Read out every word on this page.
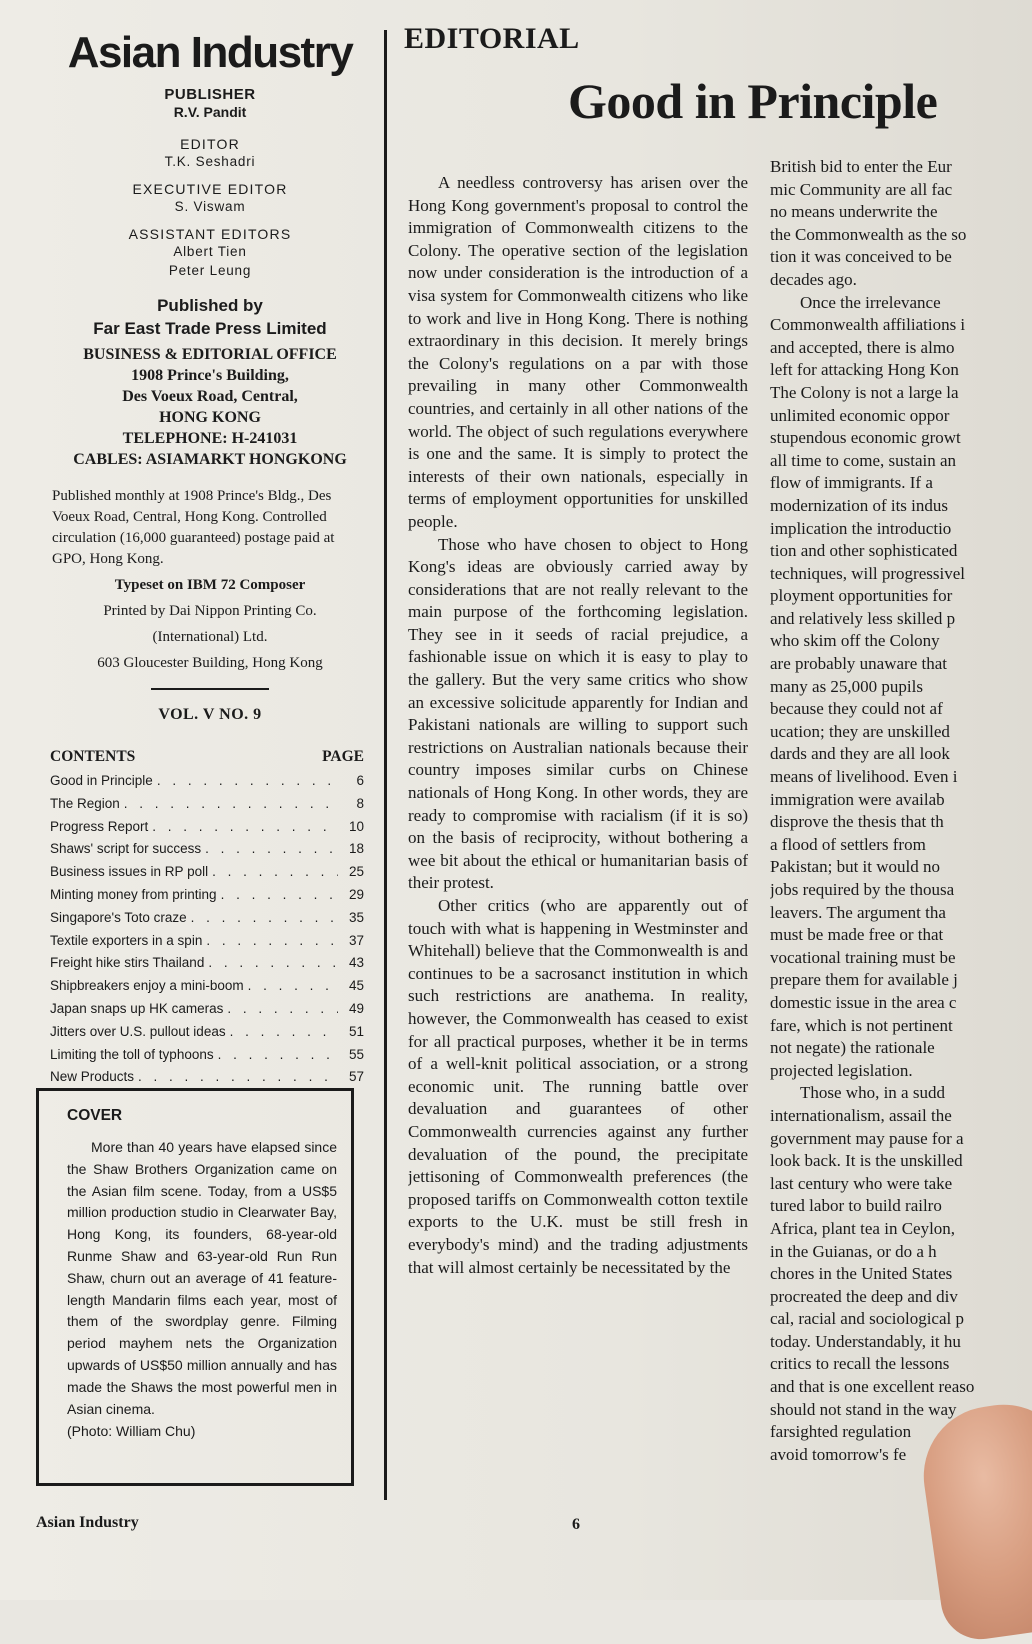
Asian Industry
PUBLISHER
R.V. Pandit
EDITOR
T.K. Seshadri
EXECUTIVE EDITOR
S. Viswam
ASSISTANT EDITORS
Albert Tien
Peter Leung
Published by
Far East Trade Press Limited
BUSINESS & EDITORIAL OFFICE
1908 Prince's Building,
Des Voeux Road, Central,
HONG KONG
TELEPHONE: H-241031
CABLES: ASIAMARKT HONGKONG
Published monthly at 1908 Prince's Bldg., Des Voeux Road, Central, Hong Kong. Controlled circulation (16,000 guaranteed) postage paid at GPO, Hong Kong.
Typeset on IBM 72 Composer
Printed by Dai Nippon Printing Co.
(International) Ltd.
603 Gloucester Building, Hong Kong
VOL. V NO. 9
CONTENTS	PAGE
Good in Principle . . .	6
The Region . . .	8
Progress Report . . .	10
Shaws' script for success . . .	18
Business issues in RP poll . . .	25
Minting money from printing . . .	29
Singapore's Toto craze . . .	35
Textile exporters in a spin . . .	37
Freight hike stirs Thailand . . .	43
Shipbreakers enjoy a mini-boom . . .	45
Japan snaps up HK cameras . . .	49
Jitters over U.S. pullout ideas . . .	51
Limiting the toll of typhoons . . .	55
New Products . . .	57
COVER

More than 40 years have elapsed since the Shaw Brothers Organization came on the Asian film scene. Today, from a US$5 million production studio in Clearwater Bay, Hong Kong, its founders, 68-year-old Runme Shaw and 63-year-old Run Run Shaw, churn out an average of 41 feature-length Mandarin films each year, most of them of the swordplay genre. Filming period mayhem nets the Organization upwards of US$50 million annually and has made the Shaws the most powerful men in Asian cinema.

(Photo: William Chu)
EDITORIAL
Good in Principle

A needless controversy has arisen over the Hong Kong government's proposal to control the immigration of Commonwealth citizens to the Colony. The operative section of the legislation now under consideration is the introduction of a visa system for Commonwealth citizens who like to work and live in Hong Kong. There is nothing extraordinary in this decision. It merely brings the Colony's regulations on a par with those prevailing in many other Commonwealth countries, and certainly in all other nations of the world. The object of such regulations everywhere is one and the same. It is simply to protect the interests of their own nationals, especially in terms of employment opportunities for unskilled people.

Those who have chosen to object to Hong Kong's ideas are obviously carried away by considerations that are not really relevant to the main purpose of the forthcoming legislation. They see in it seeds of racial prejudice, a fashionable issue on which it is easy to play to the gallery. But the very same critics who show an excessive solicitude apparently for Indian and Pakistani nationals are willing to support such restrictions on Australian nationals because their country imposes similar curbs on Chinese nationals of Hong Kong. In other words, they are ready to compromise with racialism (if it is so) on the basis of reciprocity, without bothering a wee bit about the ethical or humanitarian basis of their protest.

Other critics (who are apparently out of touch with what is happening in Westminster and Whitehall) believe that the Commonwealth is and continues to be a sacrosanct institution in which such restrictions are anathema. In reality, however, the Commonwealth has ceased to exist for all practical purposes, whether it be in terms of a well-knit political association, or a strong economic unit. The running battle over devaluation and guarantees of other Commonwealth currencies against any further devaluation of the pound, the precipitate jettisoning of Commonwealth preferences (the proposed tariffs on Commonwealth cotton textile exports to the U.K. must be still fresh in everybody's mind) and the trading adjustments that will almost certainly be necessitated by the

British bid to enter the Eur
mic Community are all fac
no means underwrite the
the Commonwealth as the so
tion it was conceived to be
decades ago.
Once the irrelevance
Commonwealth affiliations i
and accepted, there is almo
left for attacking Hong Kon
The Colony is not a large la
unlimited economic oppor
stupendous economic growt
all time to come, sustain an
flow of immigrants. If a
modernization of its indus
implication the introductio
tion and other sophisticated
techniques, will progressivel
ployment opportunities for
and relatively less skilled p
who skim off the Colony
are probably unaware that
many as 25,000 pupils
because they could not af
ucation; they are unskilled
dards and they are all look
means of livelihood. Even i
immigration were availab
disprove the thesis that th
a flood of settlers from
Pakistan; but it would no
jobs required by the thousa
leavers. The argument tha
must be made free or that
vocational training must be
prepare them for available j
domestic issue in the area c
fare, which is not pertinent
not negate) the rationale
projected legislation.
Those who, in a sudd
internationalism, assail the
government may pause for a
look back. It is the unskilled
last century who were take
tured labor to build railro
Africa, plant tea in Ceylon,
in the Guianas, or do a h
chores in the United States
procreated the deep and div
cal, racial and sociological p
today. Understandably, it hu
critics to recall the lessons
and that is one excellent reaso
should not stand in the way
farsighted regulation
avoid tomorrow's fe
Asian Industry	6
